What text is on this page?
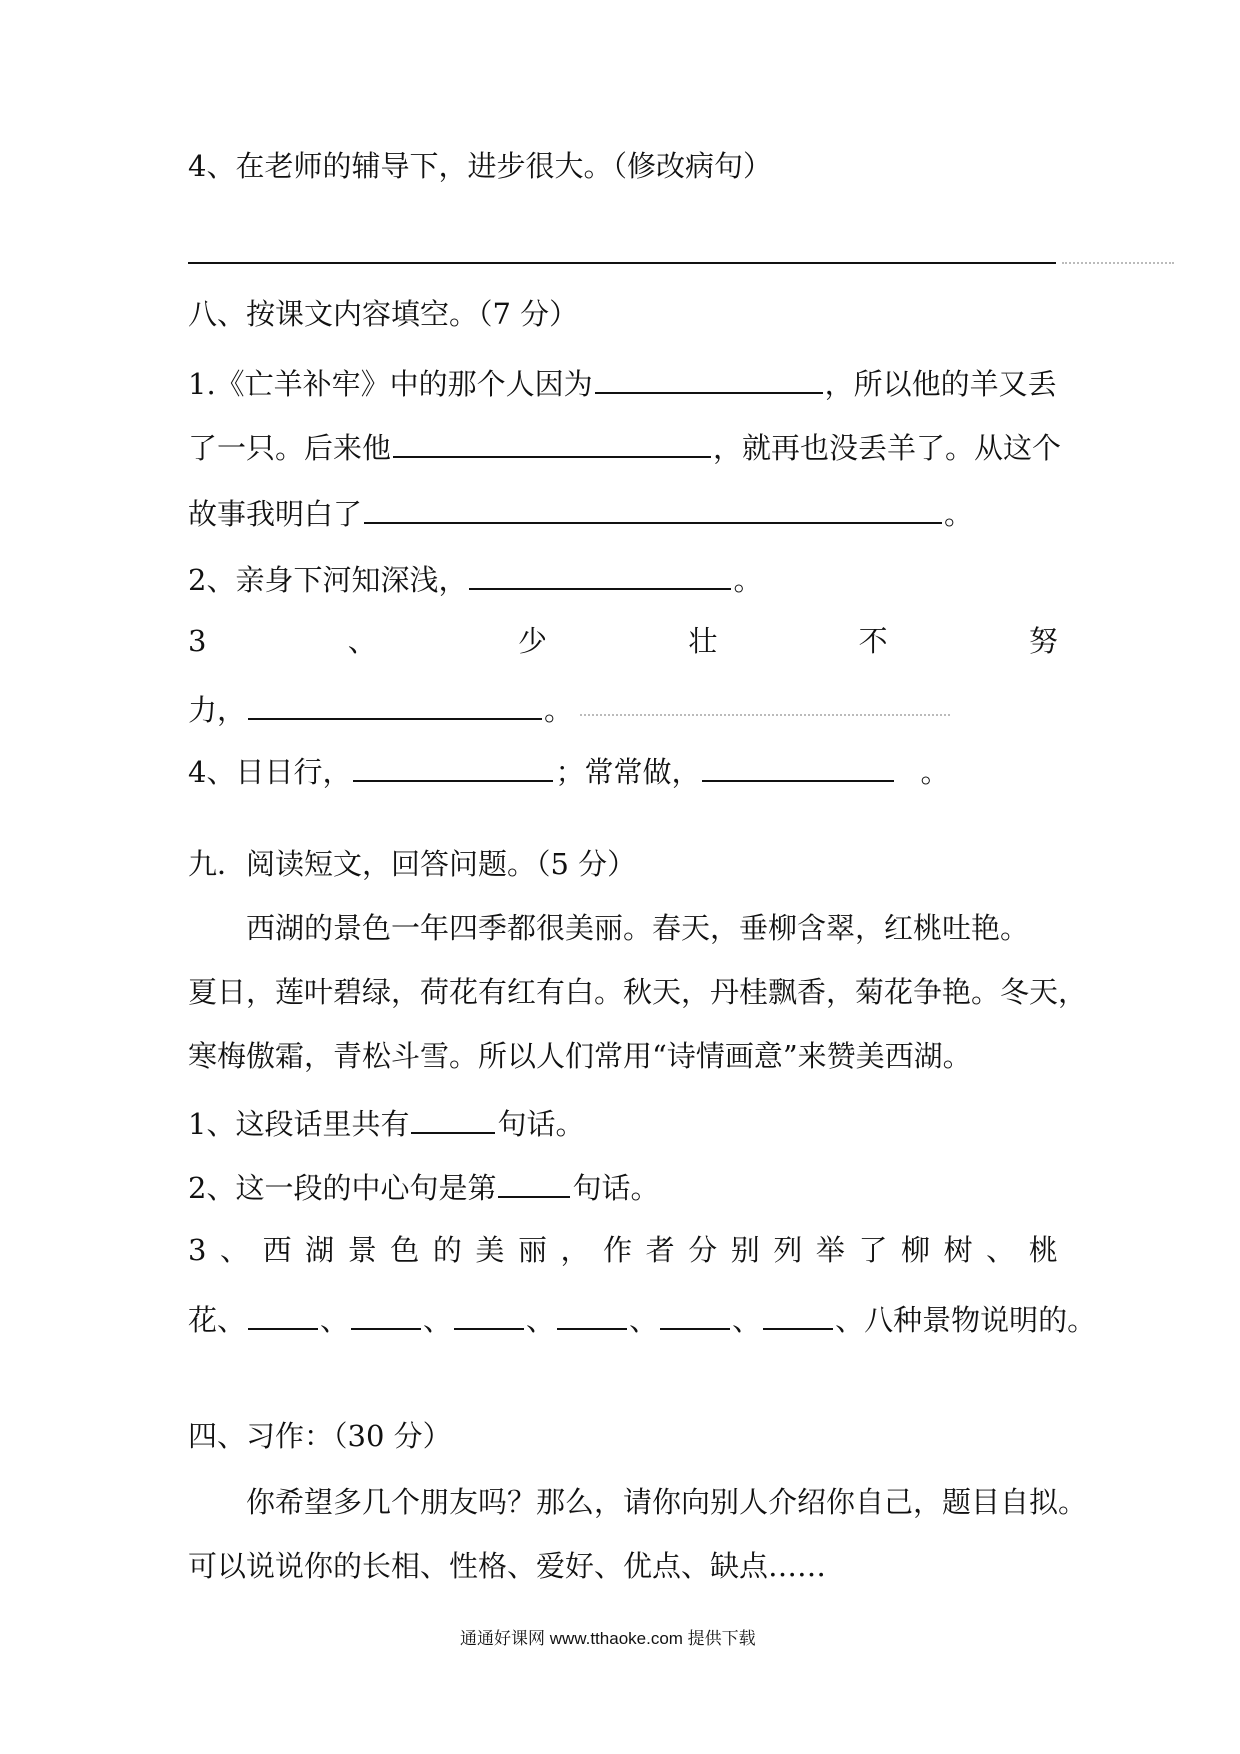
4、在老师的辅导下，进步很大。（修改病句）
八、按课文内容填空。（7 分）
1.《亡羊补牢》中的那个人因为	，所以他的羊又丢
了一只。后来他	，就再也没丢羊了。从这个
故事我明白了	。
2、亲身下河知深浅，	。
3	、	少	壮	不	努
力，	。
4、日日行，	；常常做，	。
九．阅读短文，回答问题。（5 分）
西湖的景色一年四季都很美丽。春天，垂柳含翠，红桃吐艳。
夏日，莲叶碧绿，荷花有红有白。秋天，丹桂飘香，菊花争艳。冬天，
寒梅傲霜，青松斗雪。所以人们常用“诗情画意”来赞美西湖。
1、这段话里共有	句话。
2、这一段的中心句是第	句话。
3 、 西 湖 景 色 的 美 丽 ， 作 者 分 别 列 举 了 柳 树 、 桃
花、	、	、	、	、	、	、八种景物说明的。
四、习作：（30 分）
你希望多几个朋友吗？那么，请你向别人介绍你自己，题目自拟。
可以说说你的长相、性格、爱好、优点、缺点……
通通好课网 www.tthaoke.com 提供下载
